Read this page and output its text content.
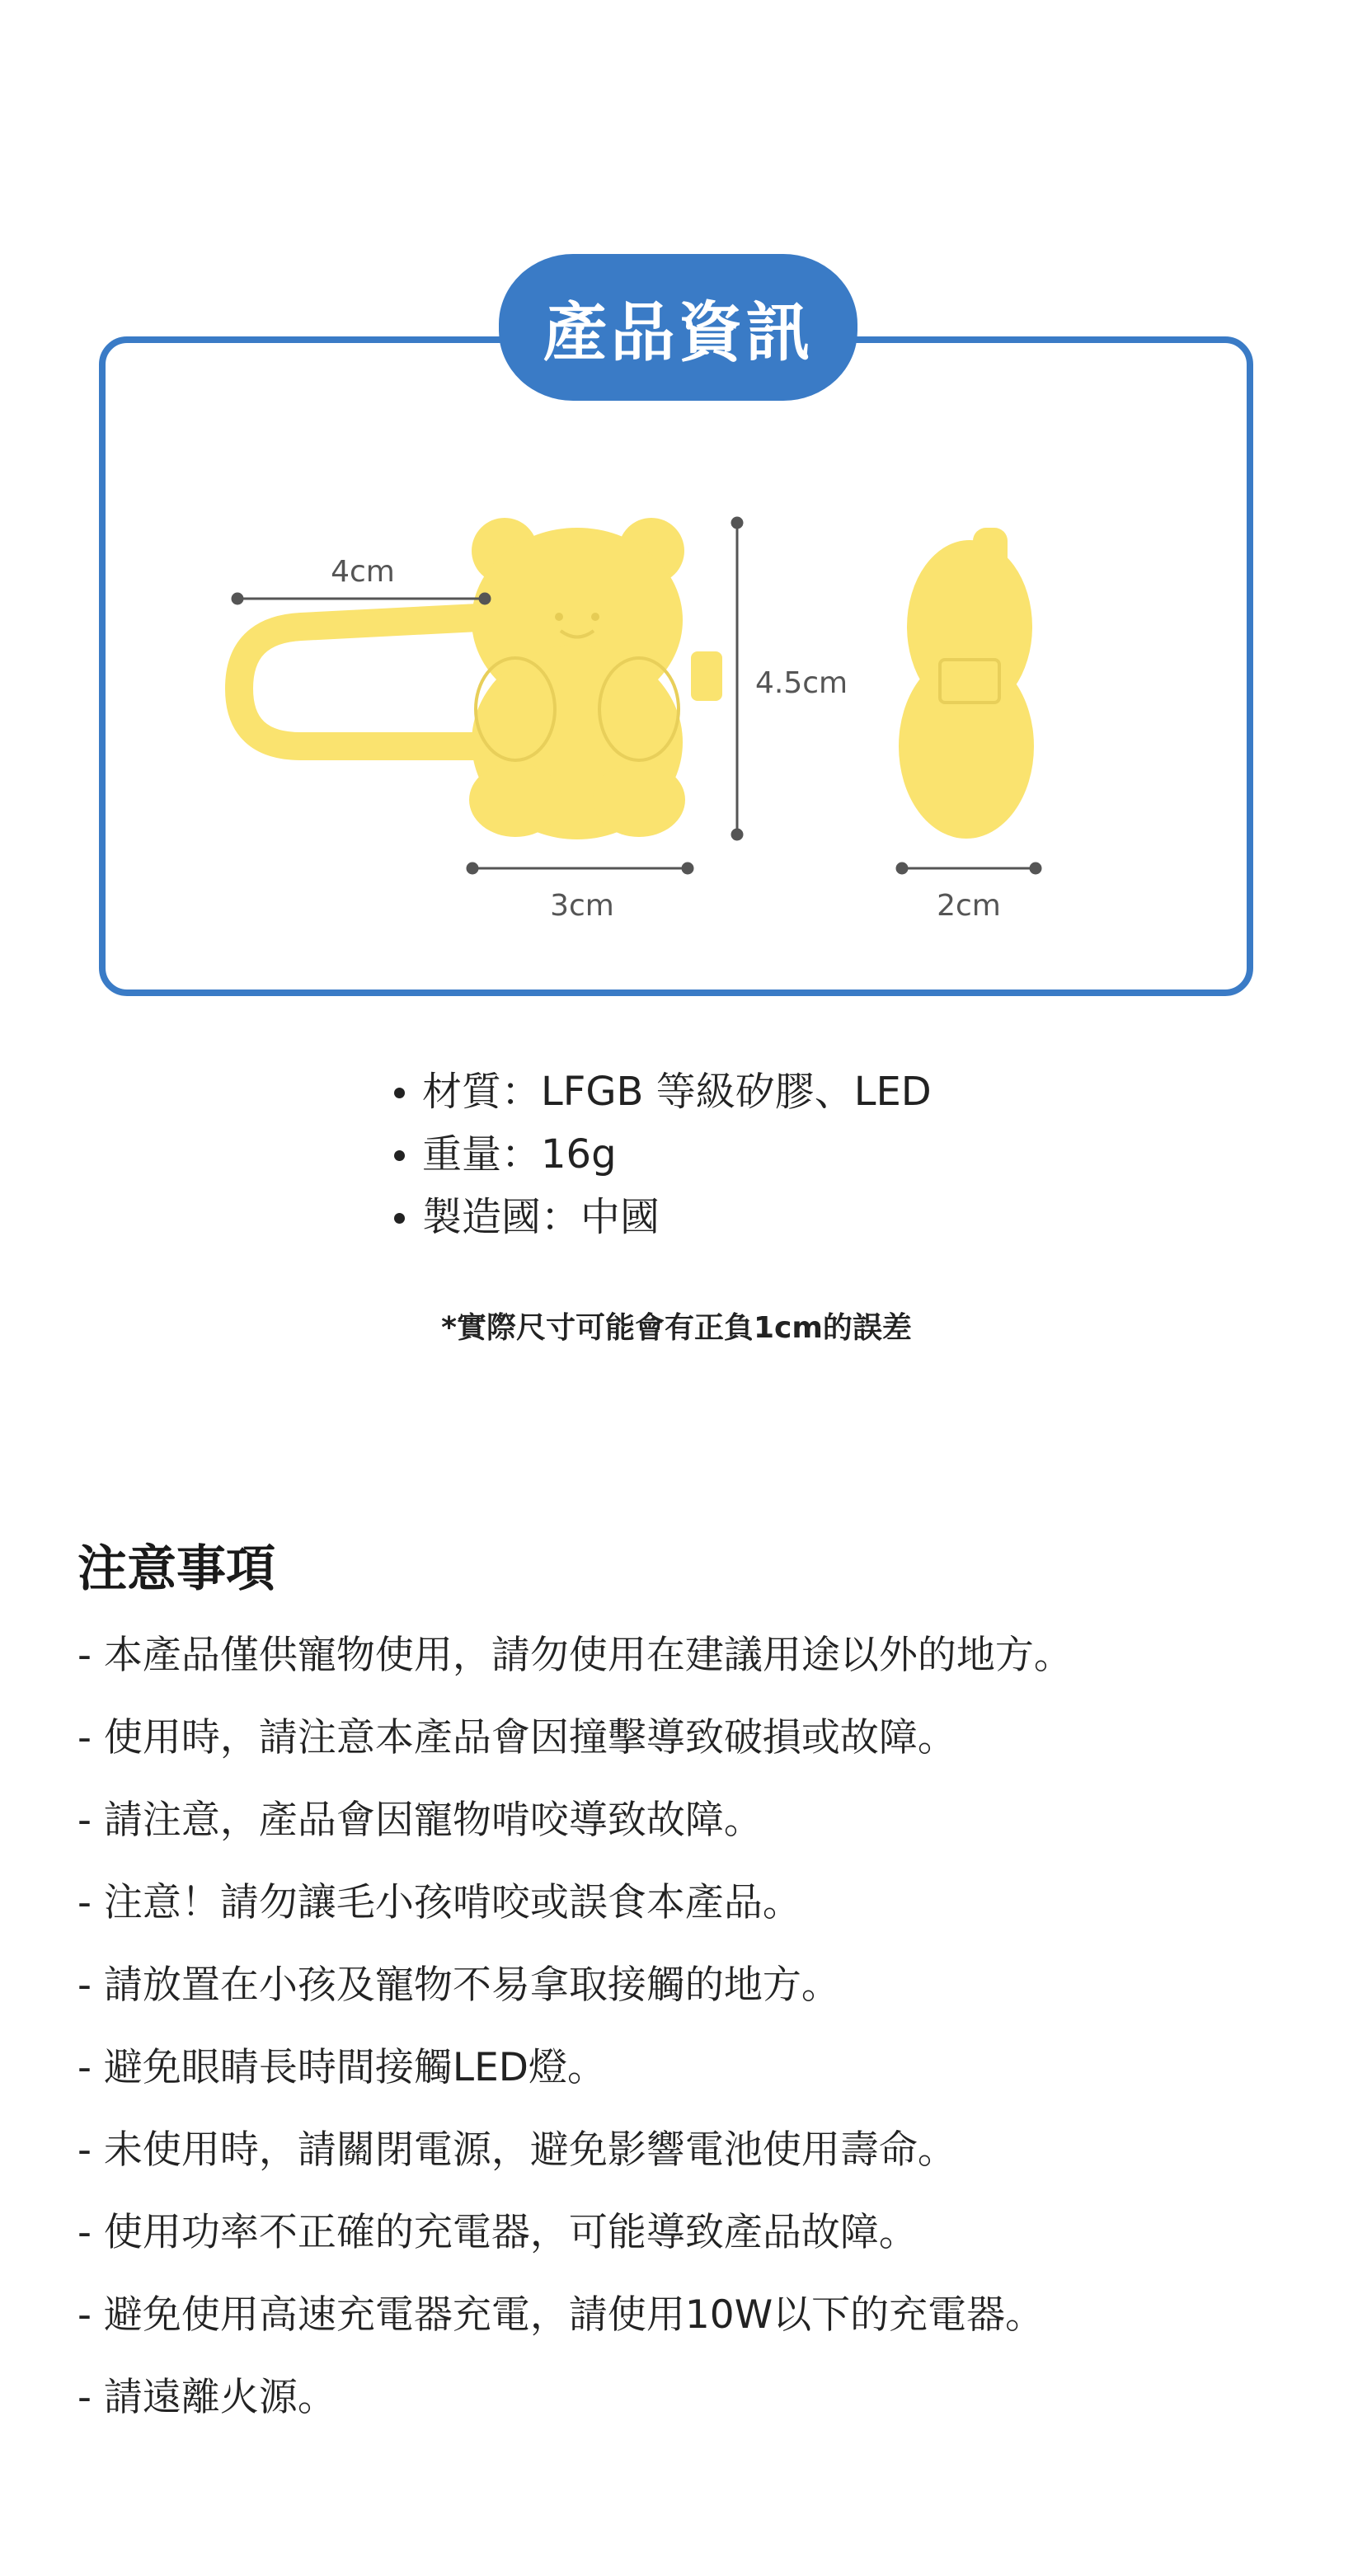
4cm
4.5cm
3cm	2cm
產品資訊
材質：LFGB 等級矽膠、LED
重量：16g
製造國：中國
*實際尺寸可能會有正負1cm的誤差
注意事項
- 本產品僅供寵物使用，請勿使用在建議用途以外的地方。
- 使用時，請注意本產品會因撞擊導致破損或故障。
- 請注意，產品會因寵物啃咬導致故障。
- 注意！請勿讓毛小孩啃咬或誤食本產品。
- 請放置在小孩及寵物不易拿取接觸的地方。
- 避免眼睛長時間接觸LED燈。
- 未使用時，請關閉電源，避免影響電池使用壽命。
- 使用功率不正確的充電器，可能導致產品故障。
- 避免使用高速充電器充電，請使用10W以下的充電器。
- 請遠離火源。
